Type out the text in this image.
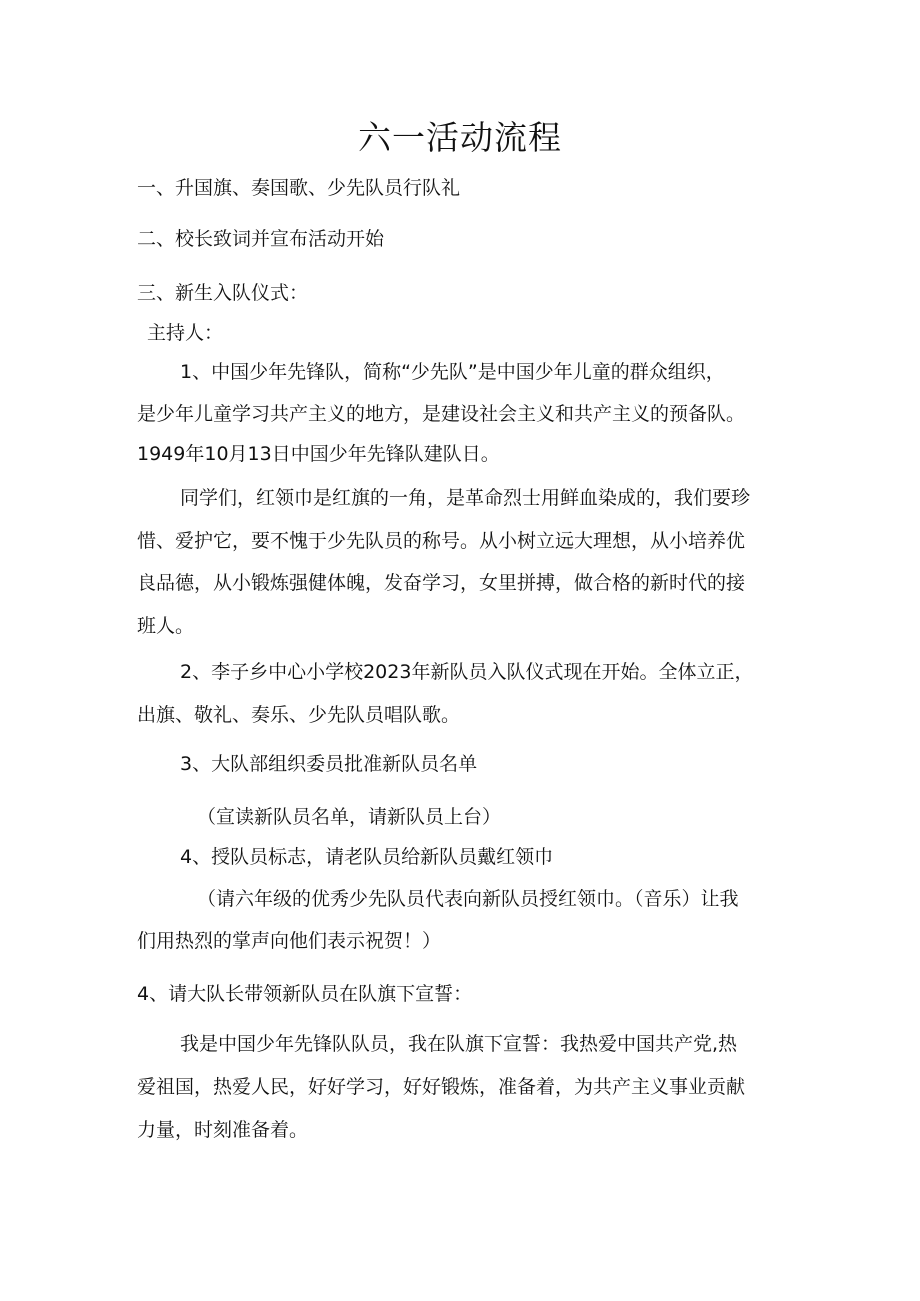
六一活动流程

一、升国旗、奏国歌、少先队员行队礼

二、校长致词并宣布活动开始

三、新生入队仪式：

主持人：

1、中国少年先锋队，简称“少先队”是中国少年儿童的群众组织，

是少年儿童学习共产主义的地方，是建设社会主义和共产主义的预备队。

1949年10月13日中国少年先锋队建队日。

同学们，红领巾是红旗的一角，是革命烈士用鲜血染成的，我们要珍

惜、爱护它，要不愧于少先队员的称号。从小树立远大理想，从小培养优

良品德，从小锻炼强健体魄，发奋学习，女里拼搏，做合格的新时代的接

班人。

2、李子乡中心小学校2023年新队员入队仪式现在开始。全体立正，

出旗、敬礼、奏乐、少先队员唱队歌。

3、大队部组织委员批准新队员名单

（宣读新队员名单，请新队员上台）

4、授队员标志，请老队员给新队员戴红领巾

（请六年级的优秀少先队员代表向新队员授红领巾。（音乐）让我

们用热烈的掌声向他们表示祝贺！）

4、请大队长带领新队员在队旗下宣誓：

我是中国少年先锋队队员，我在队旗下宣誓：我热爱中国共产党,热

爱祖国，热爱人民，好好学习，好好锻炼，准备着，为共产主义事业贡献

力量，时刻准备着。
